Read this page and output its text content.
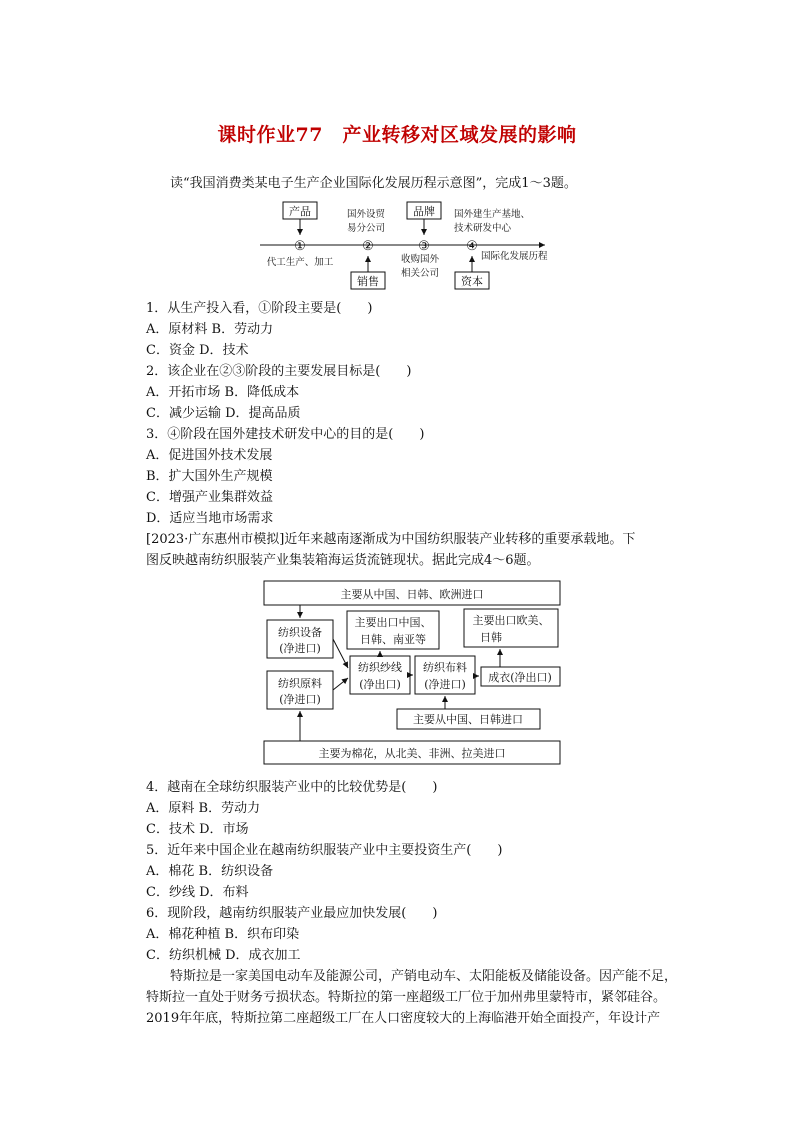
课时作业77　产业转移对区域发展的影响
读“我国消费类某电子生产企业国际化发展历程示意图”，完成1～3题。
产品	品牌
销售	资本
①	②	③	④
代工生产、加工
国外设贸
易分公司
收购国外
相关公司
国外建生产基地、
技术研发中心
国际化发展历程
1．从生产投入看，①阶段主要是(　　)
A．原材料 B．劳动力
C．资金 D．技术
2．该企业在②③阶段的主要发展目标是(　　)
A．开拓市场 B．降低成本
C．减少运输 D．提高品质
3．④阶段在国外建技术研发中心的目的是(　　)
A．促进国外技术发展
B．扩大国外生产规模
C．增强产业集群效益
D．适应当地市场需求
[2023·广东惠州市模拟]近年来越南逐渐成为中国纺织服装产业转移的重要承载地。下
图反映越南纺织服装产业集装箱海运货流链现状。据此完成4～6题。
主要从中国、日韩、欧洲进口
纺织设备
(净进口)
纺织原料
(净进口)
主要出口中国、
日韩、南亚等
纺织纱线
(净出口)
纺织布料
(净进口)
主要出口欧美、
日韩
成衣(净出口)
主要从中国、日韩进口
主要为棉花，从北美、非洲、拉美进口
4．越南在全球纺织服装产业中的比较优势是(　　)
A．原料 B．劳动力
C．技术 D．市场
5．近年来中国企业在越南纺织服装产业中主要投资生产(　　)
A．棉花 B．纺织设备
C．纱线 D．布料
6．现阶段，越南纺织服装产业最应加快发展(　　)
A．棉花种植 B．织布印染
C．纺织机械 D．成衣加工
特斯拉是一家美国电动车及能源公司，产销电动车、太阳能板及储能设备。因产能不足，
特斯拉一直处于财务亏损状态。特斯拉的第一座超级工厂位于加州弗里蒙特市，紧邻硅谷。
2019年年底，特斯拉第二座超级工厂在人口密度较大的上海临港开始全面投产，年设计产
